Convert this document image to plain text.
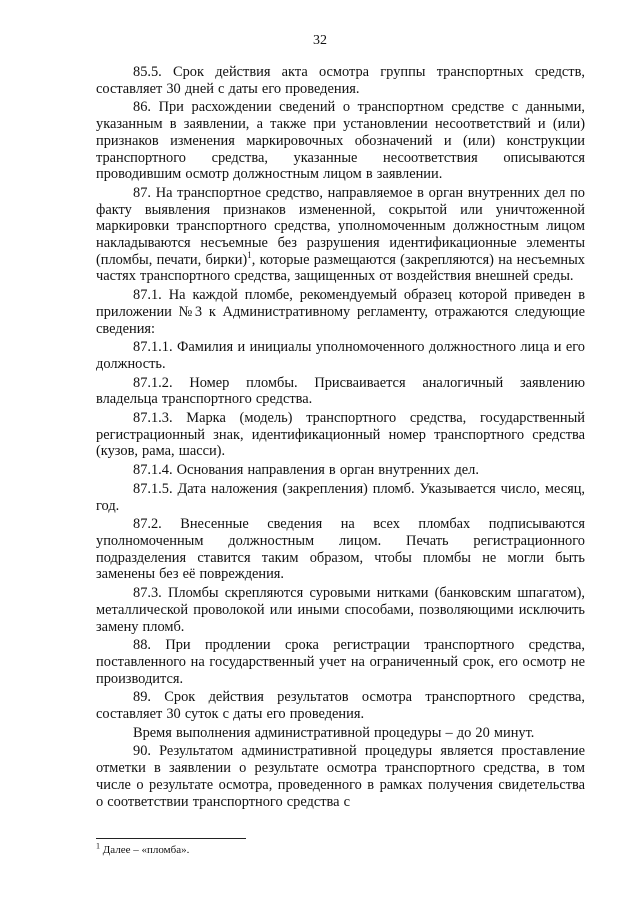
32

85.5. Срок действия акта осмотра группы транспортных средств, составляет 30 дней с даты его проведения.

86. При расхождении сведений о транспортном средстве с данными, указанным в заявлении, а также при установлении несоответствий и (или) признаков изменения маркировочных обозначений и (или) конструкции транспортного средства, указанные несоответствия описываются проводившим осмотр должностным лицом в заявлении.

87. На транспортное средство, направляемое в орган внутренних дел по факту выявления признаков измененной, сокрытой или уничтоженной маркировки транспортного средства, уполномоченным должностным лицом накладываются несъемные без разрушения идентификационные элементы (пломбы, печати, бирки)$^1$, которые размещаются (закрепляются) на несъемных частях транспортного средства, защищенных от воздействия внешней среды.

87.1. На каждой пломбе, рекомендуемый образец которой приведен в приложении №3 к Административному регламенту, отражаются следующие сведения:

87.1.1. Фамилия и инициалы уполномоченного должностного лица и его должность.

87.1.2. Номер пломбы. Присваивается аналогичный заявлению владельца транспортного средства.

87.1.3. Марка (модель) транспортного средства, государственный регистрационный знак, идентификационный номер транспортного средства (кузов, рама, шасси).

87.1.4. Основания направления в орган внутренних дел.

87.1.5. Дата наложения (закрепления) пломб. Указывается число, месяц, год.

87.2. Внесенные сведения на всех пломбах подписываются уполномоченным должностным лицом. Печать регистрационного подразделения ставится таким образом, чтобы пломбы не могли быть заменены без её повреждения.

87.3. Пломбы скрепляются суровыми нитками (банковским шпагатом), металлической проволокой или иными способами, позволяющими исключить замену пломб.

88. При продлении срока регистрации транспортного средства, поставленного на государственный учет на ограниченный срок, его осмотр не производится.

89. Срок действия результатов осмотра транспортного средства, составляет 30 суток с даты его проведения.

Время выполнения административной процедуры – до 20 минут.

90. Результатом административной процедуры является проставление отметки в заявлении о результате осмотра транспортного средства, в том числе о результате осмотра, проведенного в рамках получения свидетельства о соответствии транспортного средства с

$^1$ Далее – «пломба».
